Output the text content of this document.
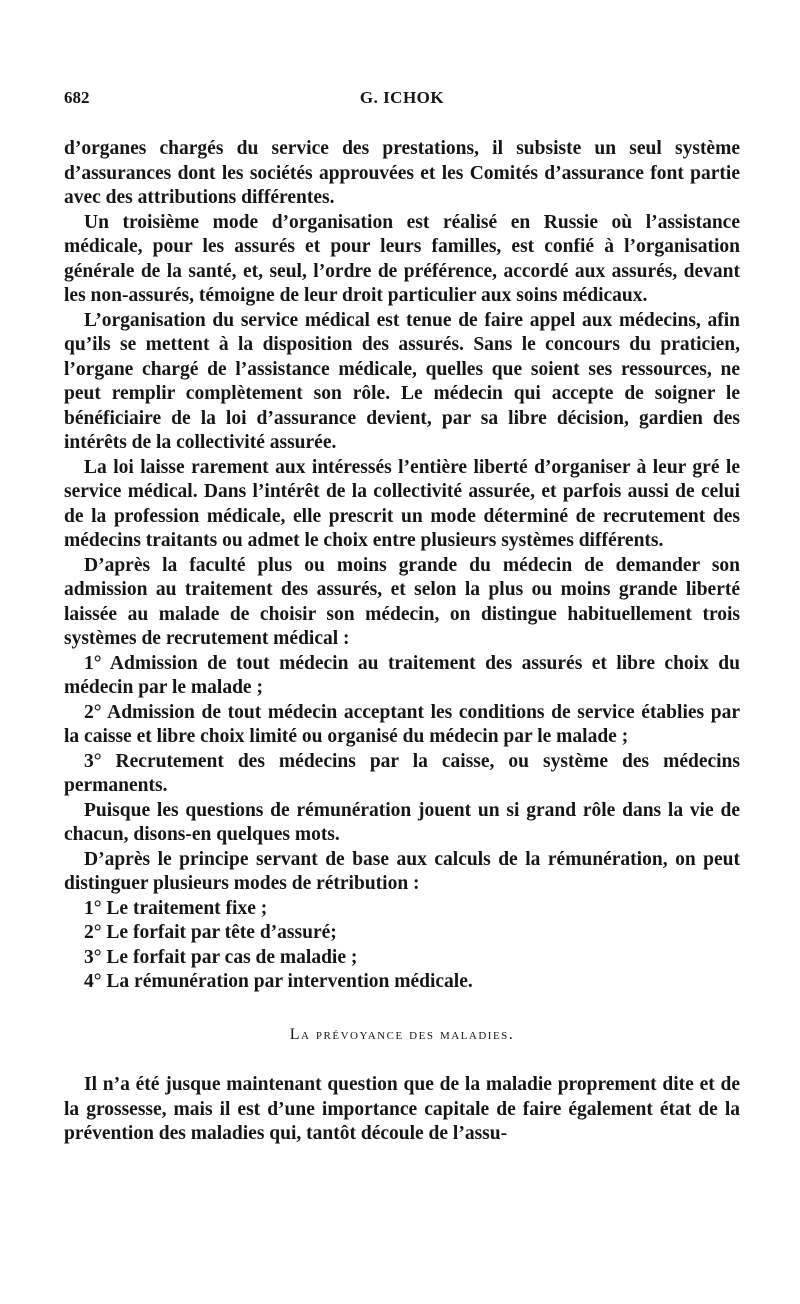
682	G. ICHOK

d’organes chargés du service des prestations, il subsiste un seul système d’assurances dont les sociétés approuvées et les Comités d’assurance font partie avec des attributions différentes.

Un troisième mode d’organisation est réalisé en Russie où l’assistance médicale, pour les assurés et pour leurs familles, est confié à l’organisation générale de la santé, et, seul, l’ordre de préférence, accordé aux assurés, devant les non-assurés, témoigne de leur droit particulier aux soins médicaux.

L’organisation du service médical est tenue de faire appel aux médecins, afin qu’ils se mettent à la disposition des assurés. Sans le concours du praticien, l’organe chargé de l’assistance médicale, quelles que soient ses ressources, ne peut remplir complètement son rôle. Le médecin qui accepte de soigner le bénéficiaire de la loi d’assurance devient, par sa libre décision, gardien des intérêts de la collectivité assurée.

La loi laisse rarement aux intéressés l’entière liberté d’organiser à leur gré le service médical. Dans l’intérêt de la collectivité assurée, et parfois aussi de celui de la profession médicale, elle prescrit un mode déterminé de recrutement des médecins traitants ou admet le choix entre plusieurs systèmes différents.

D’après la faculté plus ou moins grande du médecin de demander son admission au traitement des assurés, et selon la plus ou moins grande liberté laissée au malade de choisir son médecin, on distingue habituellement trois systèmes de recrutement médical :

1° Admission de tout médecin au traitement des assurés et libre choix du médecin par le malade ;

2° Admission de tout médecin acceptant les conditions de service établies par la caisse et libre choix limité ou organisé du médecin par le malade ;

3° Recrutement des médecins par la caisse, ou système des médecins permanents.

Puisque les questions de rémunération jouent un si grand rôle dans la vie de chacun, disons-en quelques mots.

D’après le principe servant de base aux calculs de la rémunération, on peut distinguer plusieurs modes de rétribution :

1° Le traitement fixe ;

2° Le forfait par tête d’assuré;

3° Le forfait par cas de maladie ;

4° La rémunération par intervention médicale.

La prévoyance des maladies.

Il n’a été jusque maintenant question que de la maladie proprement dite et de la grossesse, mais il est d’une importance capitale de faire également état de la prévention des maladies qui, tantôt découle de l’assu-
